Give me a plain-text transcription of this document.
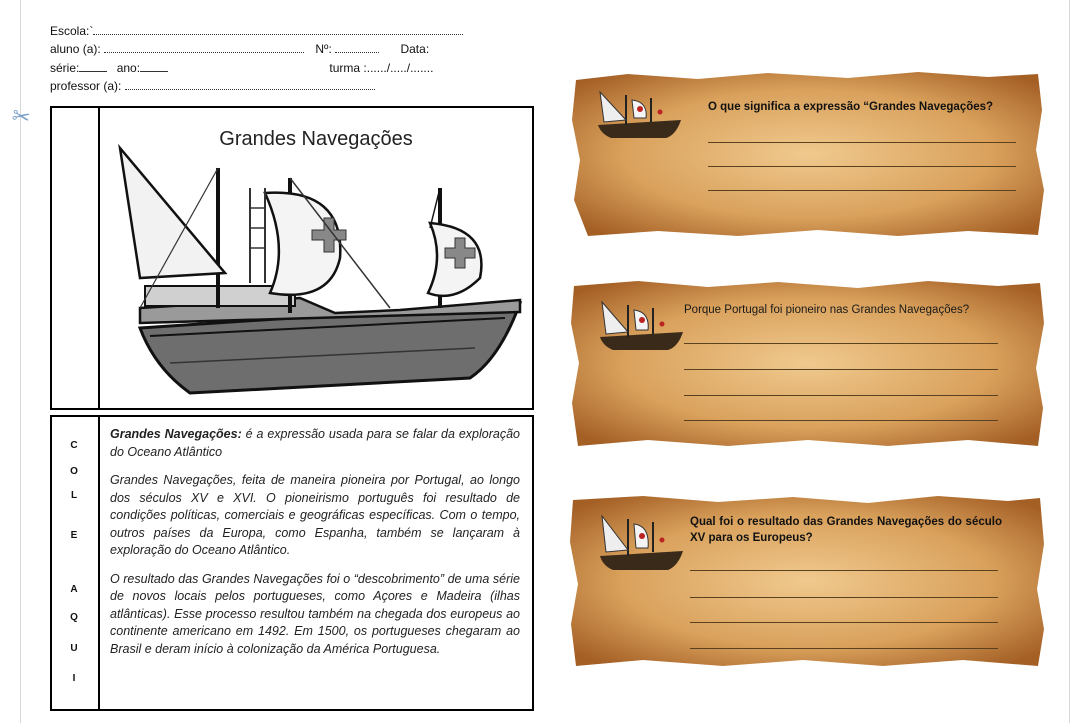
Escola:`
aluno (a):	Nº:	Data:
série:	ano:	turma :....../...../.......
professor (a):
✂
Grandes Navegações
C
O
L
E
A
Q
U
I

Grandes Navegações: é a expressão usada para se falar da exploração do Oceano Atlântico

Grandes Navegações, feita de maneira pioneira por Portugal, ao longo dos séculos XV e XVI. O pioneirismo português foi resultado de condições políticas, comerciais e geográficas específicas. Com o tempo, outros países da Europa, como Espanha, também se lançaram à exploração do Oceano Atlântico.

O resultado das Grandes Navegações foi o “descobrimento” de uma série de novos locais pelos portugueses, como Açores e Madeira (ilhas atlânticas). Esse processo resultou também na chegada dos europeus ao continente americano em 1492. Em 1500, os portugueses chegaram ao Brasil e deram início à colonização da América Portuguesa.

O que significa a expressão “Grandes Navegações?
Porque Portugal foi pioneiro nas Grandes Navegações?
Qual foi o resultado das Grandes Navegações do século XV para os Europeus?
